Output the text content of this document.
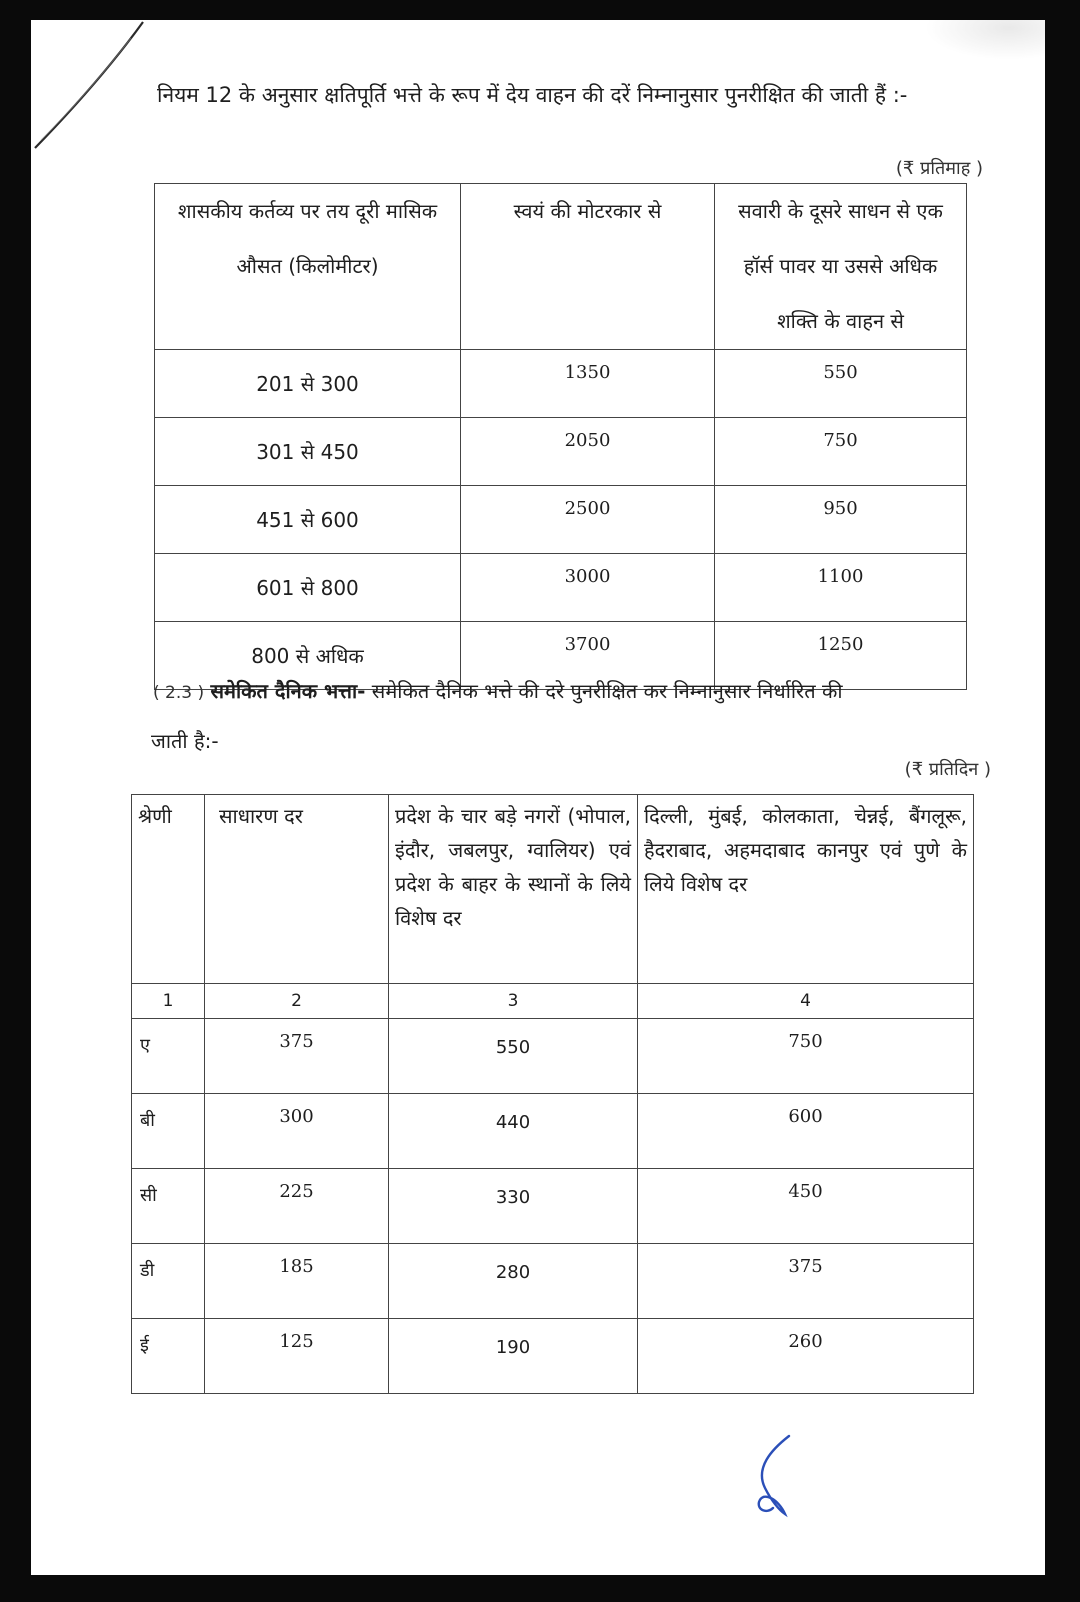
नियम 12 के अनुसार क्षतिपूर्ति भत्ते के रूप में देय वाहन की दरें निम्नानुसार पुनरीक्षित की जाती हैं :-
(₹ प्रतिमाह )
शासकीय कर्तव्य पर तय दूरी मासिक औसत (किलोमीटर)	स्वयं की मोटरकार से	सवारी के दूसरे साधन से एक हॉर्स पावर या उससे अधिक शक्ति के वाहन से
201 से 300	1350	550
301 से 450	2050	750
451 से 600	2500	950
601 से 800	3000	1100
800 से अधिक	3700	1250
( 2.3 ) समेकित दैनिक भत्ता- समेकित दैनिक भत्ते की दरे पुनरीक्षित कर निम्नानुसार निर्धारित की
जाती है:-
(₹ प्रतिदिन )
श्रेणी	साधारण दर	प्रदेश के चार बड़े नगरों (भोपाल, इंदौर, जबलपुर, ग्वालियर) एवं प्रदेश के बाहर के स्थानों के लिये विशेष दर	दिल्ली, मुंबई, कोलकाता, चेन्नई, बैंगलूरू, हैदराबाद, अहमदाबाद कानपुर एवं पुणे के लिये विशेष दर
1	2	3	4
ए	375	550	750
बी	300	440	600
सी	225	330	450
डी	185	280	375
ई	125	190	260
